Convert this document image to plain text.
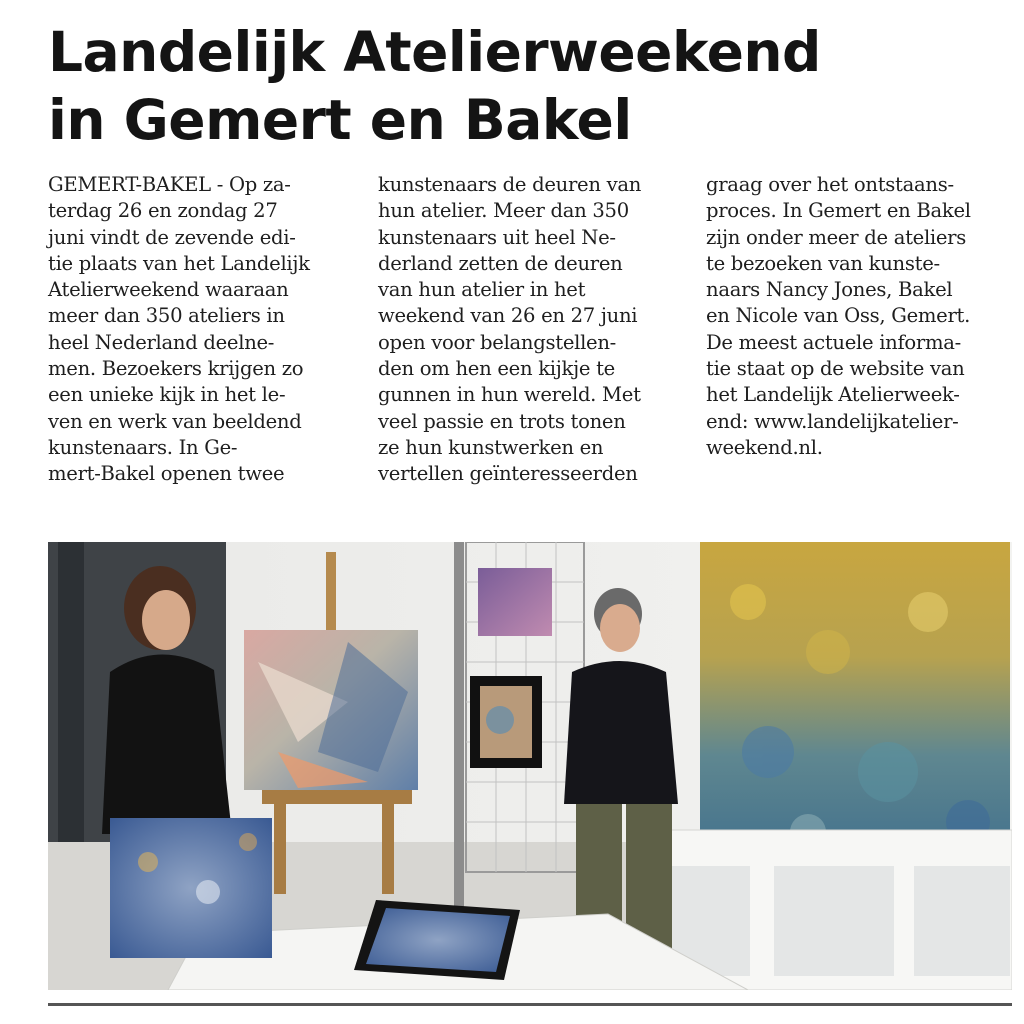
Landelijk Atelierweekend
in Gemert en Bakel

GEMERT-BAKEL - Op za-
terdag 26 en zondag 27
juni vindt de zevende edi-
tie plaats van het Landelijk
Atelierweekend waaraan
meer dan 350 ateliers in
heel Nederland deelne-
men. Bezoekers krijgen zo
een unieke kijk in het le-
ven en werk van beeldend
kunstenaars. In Ge-
mert-Bakel openen twee

kunstenaars de deuren van
hun atelier. Meer dan 350
kunstenaars uit heel Ne-
derland zetten de deuren
van hun atelier in het
weekend van 26 en 27 juni
open voor belangstellen-
den om hen een kijkje te
gunnen in hun wereld. Met
veel passie en trots tonen
ze hun kunstwerken en
vertellen geïnteresseerden

graag over het ontstaans-
proces. In Gemert en Bakel
zijn onder meer de ateliers
te bezoeken van kunste-
naars Nancy Jones, Bakel
en Nicole van Oss, Gemert.
De meest actuele informa-
tie staat op de website van
het Landelijk Atelierweek-
end: www.landelijkatelier-
weekend.nl.
